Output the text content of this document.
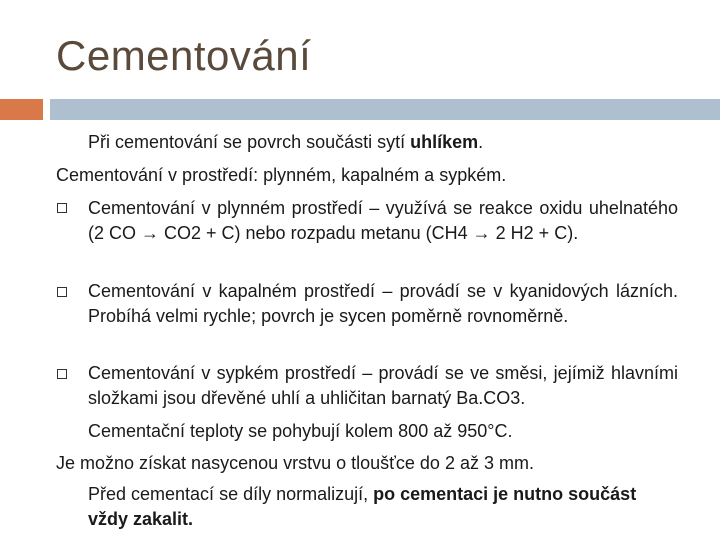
Cementování
Při cementování se povrch součásti sytí uhlíkem.
Cementování v prostředí: plynném, kapalném a sypkém.
Cementování v plynném prostředí – využívá se reakce oxidu uhelnatého (2 CO → CO2 + C) nebo rozpadu metanu (CH4 → 2 H2 + C).
Cementování v kapalném prostředí – provádí se v kyanidových lázních. Probíhá velmi rychle; povrch je sycen poměrně rovnoměrně.
Cementování v sypkém prostředí – provádí se ve směsi, jejímiž hlavními složkami jsou dřevěné uhlí a uhličitan barnatý Ba.CO3.
Cementační teploty se pohybují kolem 800 až 950°C.
Je možno získat nasycenou vrstvu o tloušťce do 2 až 3 mm.
Před cementací se díly normalizují, po cementaci je nutno součást vždy zakalit.
